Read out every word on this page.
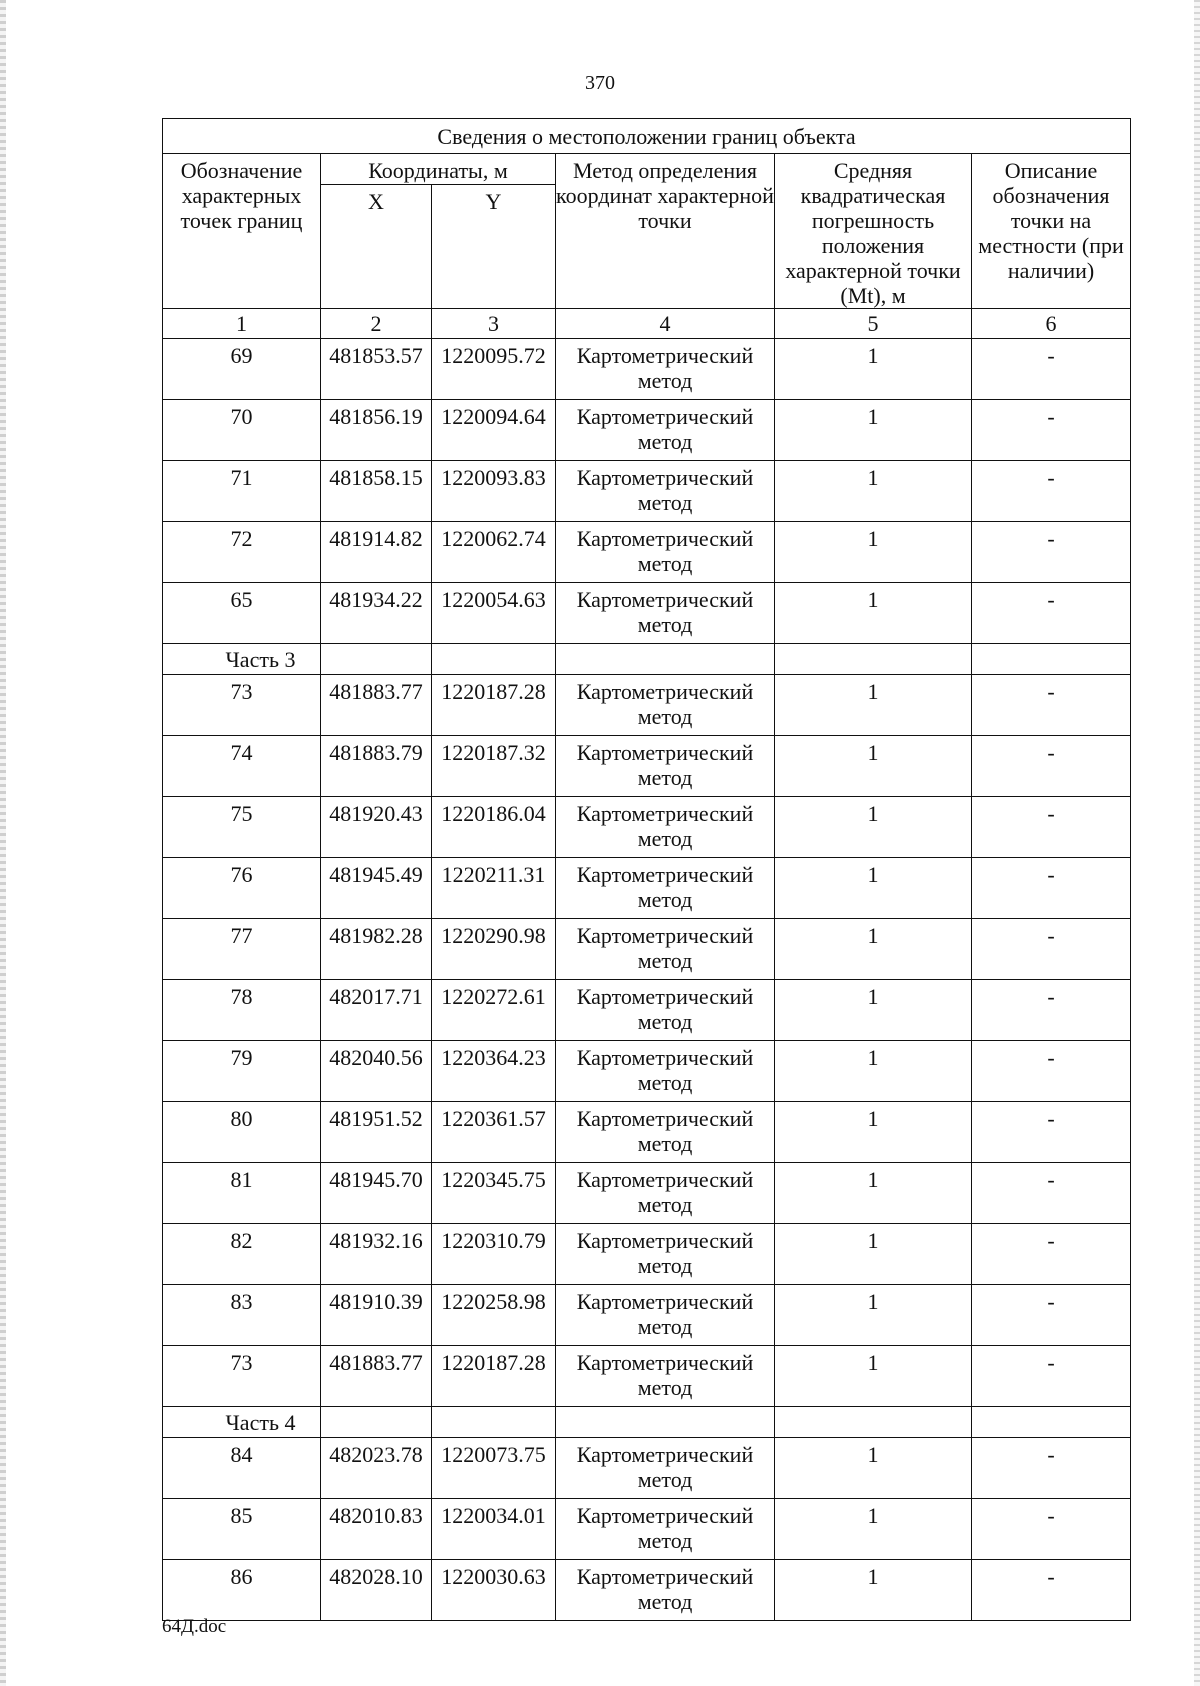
370
Сведения о местоположении границ объекта					
Обозначение характерных точек границ	Координаты, м		Метод определения координат характерной точки	Средняя квадратическая погрешность положения характерной точки (Mt), м	Описание обозначения точки на местности (при наличии)
	X	Y			
1	2	3	4	5	6
69	481853.57	1220095.72	Картометрический метод	1	-
70	481856.19	1220094.64	Картометрический метод	1	-
71	481858.15	1220093.83	Картометрический метод	1	-
72	481914.82	1220062.74	Картометрический метод	1	-
65	481934.22	1220054.63	Картометрический метод	1	-
Часть 3					
73	481883.77	1220187.28	Картометрический метод	1	-
74	481883.79	1220187.32	Картометрический метод	1	-
75	481920.43	1220186.04	Картометрический метод	1	-
76	481945.49	1220211.31	Картометрический метод	1	-
77	481982.28	1220290.98	Картометрический метод	1	-
78	482017.71	1220272.61	Картометрический метод	1	-
79	482040.56	1220364.23	Картометрический метод	1	-
80	481951.52	1220361.57	Картометрический метод	1	-
81	481945.70	1220345.75	Картометрический метод	1	-
82	481932.16	1220310.79	Картометрический метод	1	-
83	481910.39	1220258.98	Картометрический метод	1	-
73	481883.77	1220187.28	Картометрический метод	1	-
Часть 4					
84	482023.78	1220073.75	Картометрический метод	1	-
85	482010.83	1220034.01	Картометрический метод	1	-
86	482028.10	1220030.63	Картометрический метод	1	-
64Д.doc
